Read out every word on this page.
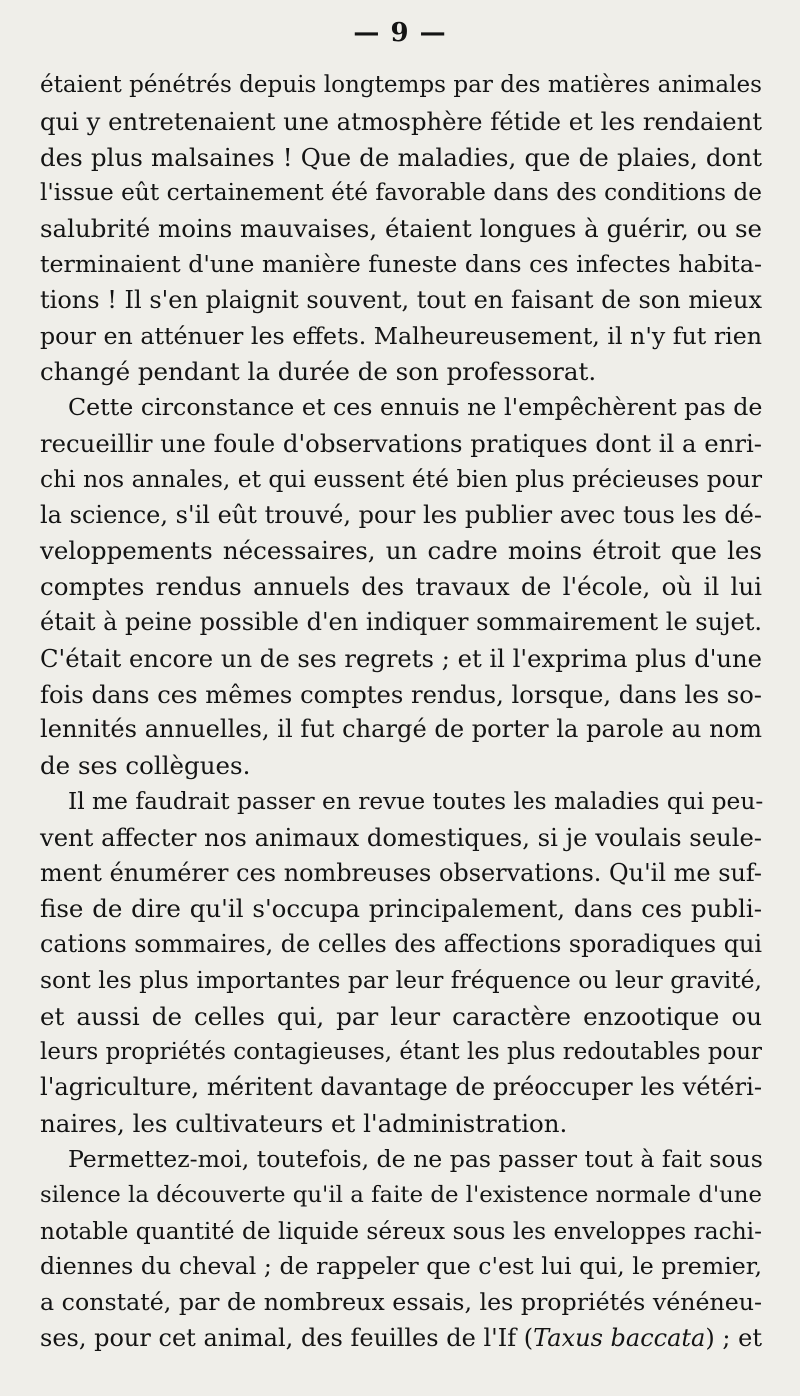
— 9 —

étaient pénétrés depuis longtemps par des matières animales
qui y entretenaient une atmosphère fétide et les rendaient
des plus malsaines ! Que de maladies, que de plaies, dont
l'issue eût certainement été favorable dans des conditions de
salubrité moins mauvaises, étaient longues à guérir, ou se
terminaient d'une manière funeste dans ces infectes habita-
tions ! Il s'en plaignit souvent, tout en faisant de son mieux
pour en atténuer les effets. Malheureusement, il n'y fut rien
changé pendant la durée de son professorat.

Cette circonstance et ces ennuis ne l'empêchèrent pas de
recueillir une foule d'observations pratiques dont il a enri-
chi nos annales, et qui eussent été bien plus précieuses pour
la science, s'il eût trouvé, pour les publier avec tous les dé-
veloppements nécessaires, un cadre moins étroit que les
comptes rendus annuels des travaux de l'école, où il lui
était à peine possible d'en indiquer sommairement le sujet.
C'était encore un de ses regrets ; et il l'exprima plus d'une
fois dans ces mêmes comptes rendus, lorsque, dans les so-
lennités annuelles, il fut chargé de porter la parole au nom
de ses collègues.

Il me faudrait passer en revue toutes les maladies qui peu-
vent affecter nos animaux domestiques, si je voulais seule-
ment énumérer ces nombreuses observations. Qu'il me suf-
fise de dire qu'il s'occupa principalement, dans ces publi-
cations sommaires, de celles des affections sporadiques qui
sont les plus importantes par leur fréquence ou leur gravité,
et aussi de celles qui, par leur caractère enzootique ou
leurs propriétés contagieuses, étant les plus redoutables pour
l'agriculture, méritent davantage de préoccuper les vétéri-
naires, les cultivateurs et l'administration.

Permettez-moi, toutefois, de ne pas passer tout à fait sous
silence la découverte qu'il a faite de l'existence normale d'une
notable quantité de liquide séreux sous les enveloppes rachi-
diennes du cheval ; de rappeler que c'est lui qui, le premier,
a constaté, par de nombreux essais, les propriétés vénéneu-
ses, pour cet animal, des feuilles de l'If (Taxus baccata) ; et
